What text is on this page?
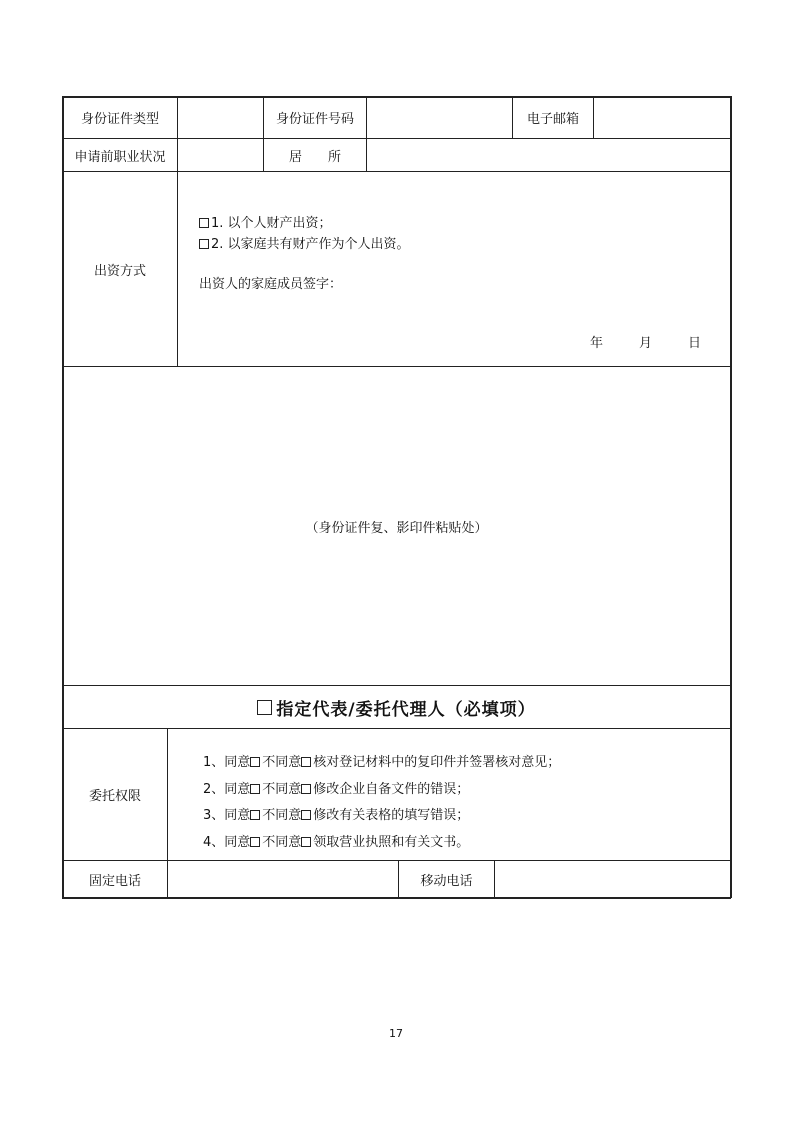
身份证件类型	身份证件号码	电子邮箱
申请前职业状况	居　　所
出资方式
1. 以个人财产出资；
2. 以家庭共有财产作为个人出资。
出资人的家庭成员签字：
年	月	日
（身份证件复、影印件粘贴处）
指定代表/委托代理人（必填项）
委托权限
1、同意 不同意 核对登记材料中的复印件并签署核对意见；
2、同意 不同意 修改企业自备文件的错误；
3、同意 不同意 修改有关表格的填写错误；
4、同意 不同意 领取营业执照和有关文书。
固定电话	移动电话
17
